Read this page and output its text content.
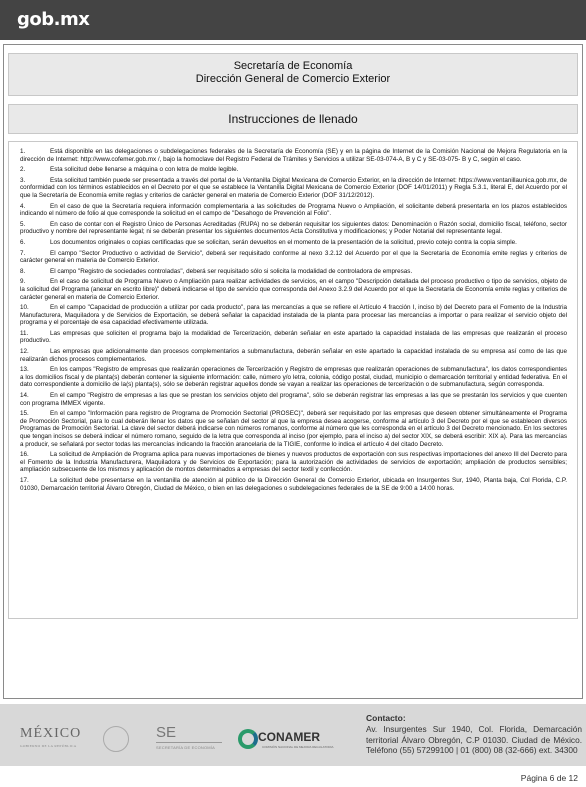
gob.mx
Secretaría de Economía
Dirección General de Comercio Exterior
Instrucciones de llenado
1.	Está disponible en las delegaciones o subdelegaciones federales de la Secretaría de Economía (SE) y en la página de Internet de la Comisión Nacional de Mejora Regulatoria en la dirección de Internet: http://www.cofemer.gob.mx /, bajo la homoclave del Registro Federal de Trámites y Servicios a utilizar SE-03-074-A, B y C y SE-03-075- B y C, según el caso.
2.	Esta solicitud debe llenarse a máquina o con letra de molde legible.
3.	Esta solicitud también puede ser presentada a través del portal de la Ventanilla Digital Mexicana de Comercio Exterior, en la dirección de Internet: https://www.ventanillaunica.gob.mx, de conformidad con los términos establecidos en el Decreto por el que se establece la Ventanilla Digital Mexicana de Comercio Exterior (DOF 14/01/2011) y Regla 5.3.1, literal E, del Acuerdo por el que la Secretaría de Economía emite reglas y criterios de carácter general en materia de Comercio Exterior (DOF 31/12/2012).
4.	En el caso de que la Secretaría requiera información complementaria a las solicitudes de Programa Nuevo o Ampliación, el solicitante deberá presentarla en los plazos establecidos indicando el número de folio al que corresponde la solicitud en el campo de "Desahogo de Prevención al Folio".
5.	En caso de contar con el Registro Único de Personas Acreditadas (RUPA) no se deberán requisitar los siguientes datos: Denominación o Razón social, domicilio fiscal, teléfono, sector productivo y nombre del representante legal; ni se deberán presentar los siguientes documentos Acta Constitutiva y modificaciones; y Poder Notarial del representante legal.
6.	Los documentos originales o copias certificadas que se solicitan, serán devueltos en el momento de la presentación de la solicitud, previo cotejo contra la copia simple.
7.	El campo "Sector Productivo o actividad de Servicio", deberá ser requisitado conforme al nexo 3.2.12 del Acuerdo por el que la Secretaría de Economía emite reglas y criterios de carácter general en materia de Comercio Exterior.
8.	El campo "Registro de sociedades controladas", deberá ser requisitado sólo si solicita la modalidad de controladora de empresas.
9.	En el caso de solicitud de Programa Nuevo o Ampliación para realizar actividades de servicios, en el campo "Descripción detallada del proceso productivo o tipo de servicios, objeto de la solicitud del Programa (anexar en escrito libre)" deberá indicarse el tipo de servicio que corresponda del Anexo 3.2.9 del Acuerdo por el que la Secretaría de Economía emite reglas y criterios de carácter general en materia de Comercio Exterior.
10.	En el campo "Capacidad de producción a utilizar por cada producto", para las mercancías a que se refiere el Artículo 4 fracción I, inciso b) del Decreto para el Fomento de la Industria Manufacturera, Maquiladora y de Servicios de Exportación, se deberá señalar la capacidad instalada de la planta para procesar las mercancías a importar o para realizar el servicio objeto del programa y el porcentaje de esa capacidad efectivamente utilizada.
11.	Las empresas que soliciten el programa bajo la modalidad de Tercerización, deberán señalar en este apartado la capacidad instalada de las empresas que realizarán el proceso productivo.
12.	Las empresas que adicionalmente dan procesos complementarios a submanufactura, deberán señalar en este apartado la capacidad instalada de su empresa así como de las que realizarán dichos procesos complementarios.
13.	En los campos "Registro de empresas que realizarán operaciones de Tercerización y Registro de empresas que realizarán operaciones de submanufactura", los datos correspondientes a los domicilios fiscal y de planta(s) deberán contener la siguiente información: calle, número y/o letra, colonia, código postal, ciudad, municipio o demarcación territorial y entidad federativa. En el dato correspondiente a domicilio de la(s) planta(s), sólo se deberán registrar aquellos donde se vayan a realizar las operaciones de tercerización o de submanufactura, según corresponda.
14.	En el campo "Registro de empresas a las que se prestan los servicios objeto del programa", sólo se deberán registrar las empresas a las que se prestarán los servicios y que cuenten con programa IMMEX vigente.
15.	En el campo "Información para registro de Programa de Promoción Sectorial (PROSEC)", deberá ser requisitado por las empresas que deseen obtener simultáneamente el Programa de Promoción Sectorial, para lo cual deberán llenar los datos que se señalan del sector al que la empresa desea acogerse, conforme al artículo 3 del Decreto por el que se establecen diversos Programas de Promoción Sectorial. La clave del sector deberá indicarse con números romanos, conforme al número que les corresponda en el artículo 3 del Decreto mencionado. En los sectores que tengan incisos se deberá indicar el número romano, seguido de la letra que corresponda al inciso (por ejemplo, para el inciso a) del sector XIX, se deberá escribir: XIX a). Para las mercancías a producir, se señalará por sector todas las mercancías indicando la fracción arancelaria de la TIGIE, conforme lo indica el artículo 4 del citado Decreto.
16.	La solicitud de Ampliación de Programa aplica para nuevas importaciones de bienes y nuevos productos de exportación con sus respectivas importaciones del anexo III del Decreto para el Fomento de la Industria Manufacturera, Maquiladora y de Servicios de Exportación; para la autorización de actividades de servicios de exportación; ampliación de productos sensibles; ampliación subsecuente de los mismos y aplicación de montos determinados a empresas del sector textil y confección.
17.	La solicitud debe presentarse en la ventanilla de atención al público de la Dirección General de Comercio Exterior, ubicada en Insurgentes Sur, 1940, Planta baja, Col Florida, C.P. 01030, Demarcación territorial Álvaro Obregón, Ciudad de México, o bien en las delegaciones o subdelegaciones federales de la SE de 9:00 a 14:00 horas.
MÉXICO
GOBIERNO DE LA REPÚBLICA
SE
SECRETARÍA DE ECONOMÍA
CONAMER
COMISIÓN NACIONAL DE MEJORA REGULATORIA
Contacto:
Av. Insurgentes Sur 1940, Col. Florida, Demarcación territorial Álvaro Obregón, C.P 01030. Ciudad de México. Teléfono (55) 57299100 | 01 (800) 08 (32-666) ext. 34300
Página 6 de 12
